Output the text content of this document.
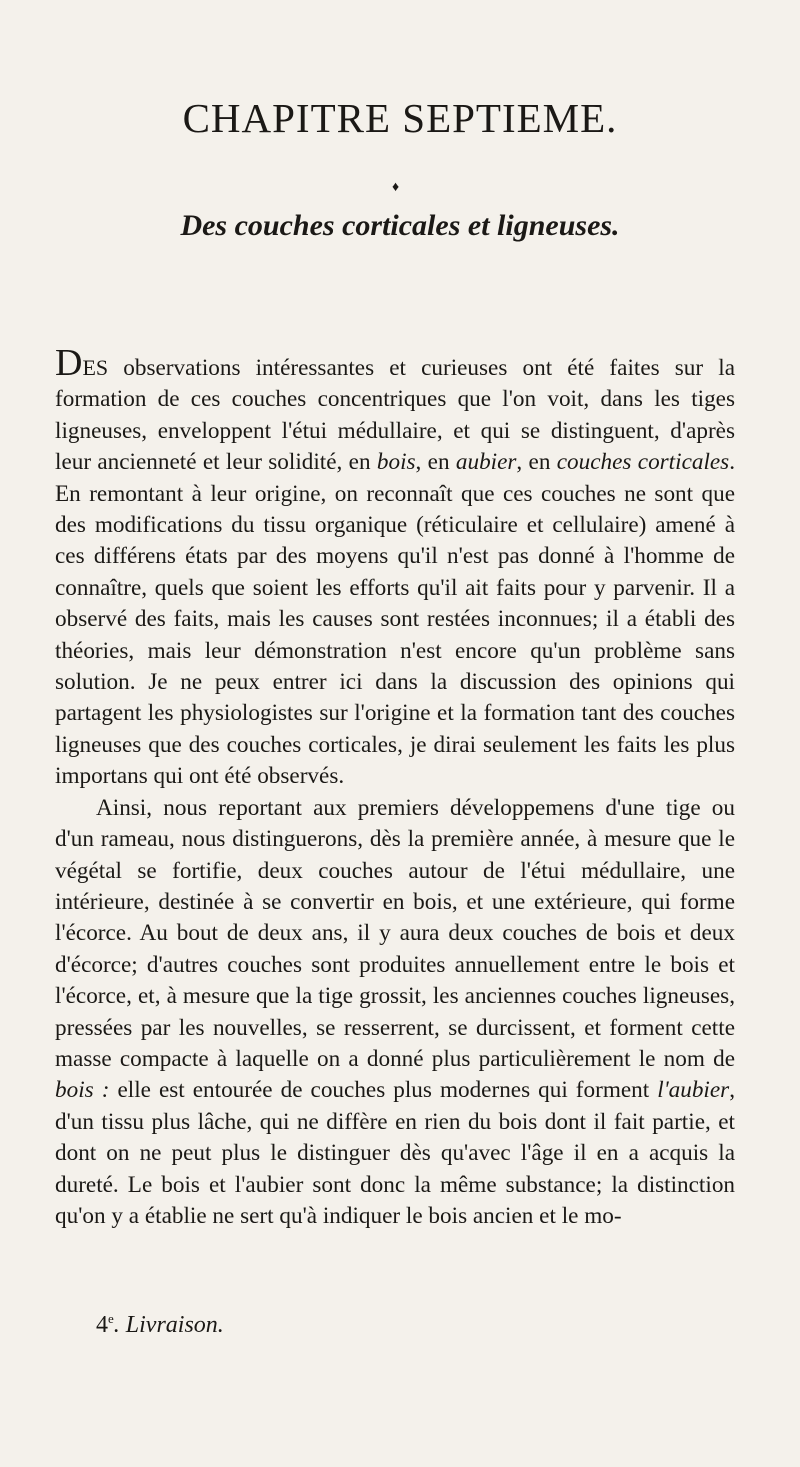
CHAPITRE SEPTIEME.
♦
Des couches corticales et ligneuses.

DES observations intéressantes et curieuses ont été faites sur la formation de ces couches concentriques que l'on voit, dans les tiges ligneuses, enveloppent l'étui médullaire, et qui se distinguent, d'après leur ancienneté et leur solidité, en bois, en aubier, en couches corticales. En remontant à leur origine, on reconnaît que ces couches ne sont que des modifications du tissu organique (réticulaire et cellulaire) amené à ces différens états par des moyens qu'il n'est pas donné à l'homme de connaître, quels que soient les efforts qu'il ait faits pour y parvenir. Il a observé des faits, mais les causes sont restées inconnues; il a établi des théories, mais leur démonstration n'est encore qu'un problème sans solution. Je ne peux entrer ici dans la discussion des opinions qui partagent les physiologistes sur l'origine et la formation tant des couches ligneuses que des couches corticales, je dirai seulement les faits les plus importans qui ont été observés.

Ainsi, nous reportant aux premiers développemens d'une tige ou d'un rameau, nous distinguerons, dès la première année, à mesure que le végétal se fortifie, deux couches autour de l'étui médullaire, une intérieure, destinée à se convertir en bois, et une extérieure, qui forme l'écorce. Au bout de deux ans, il y aura deux couches de bois et deux d'écorce; d'autres couches sont produites annuellement entre le bois et l'écorce, et, à mesure que la tige grossit, les anciennes couches ligneuses, pressées par les nouvelles, se resserrent, se durcissent, et forment cette masse compacte à laquelle on a donné plus particulièrement le nom de bois : elle est entourée de couches plus modernes qui forment l'aubier, d'un tissu plus lâche, qui ne diffère en rien du bois dont il fait partie, et dont on ne peut plus le distinguer dès qu'avec l'âge il en a acquis la dureté. Le bois et l'aubier sont donc la même substance; la distinction qu'on y a établie ne sert qu'à indiquer le bois ancien et le mo-

4e. Livraison.
